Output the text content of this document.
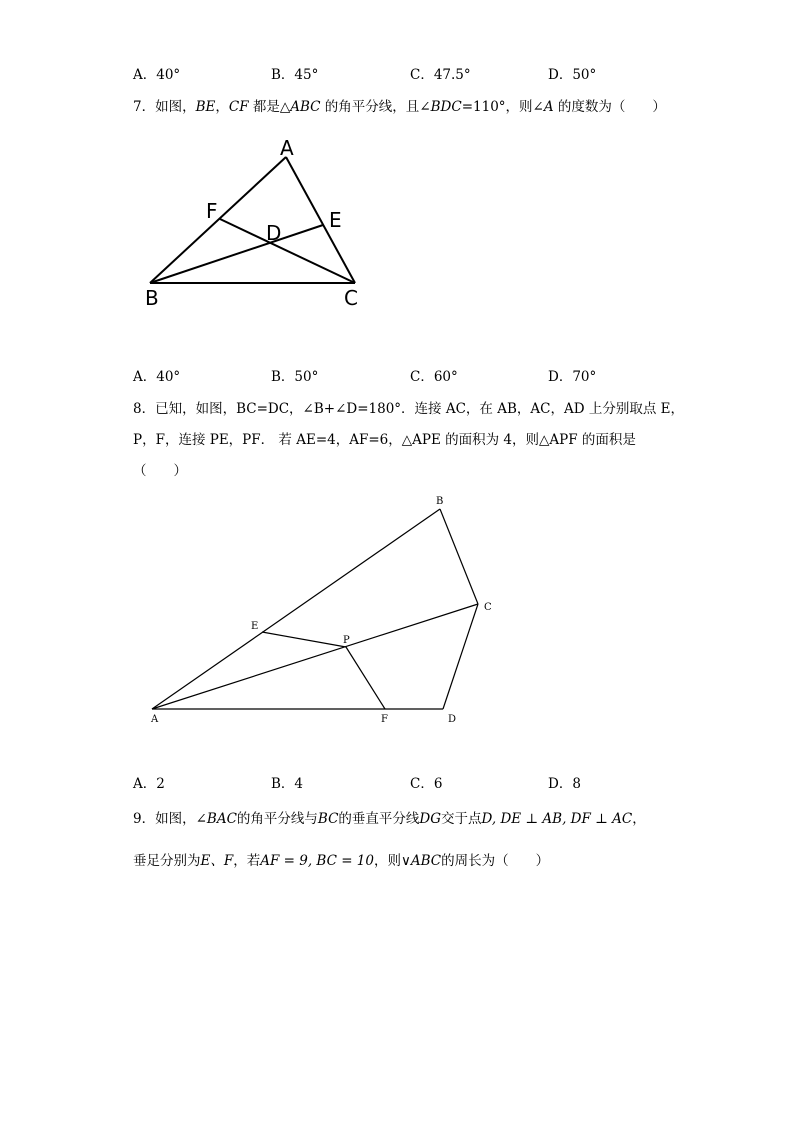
A．40°	B．45°	C．47.5°	D．50°
7．如图，BE，CF 都是△ABC 的角平分线，且∠BDC=110°，则∠A 的度数为（　　）
A
F
D
E
B	C
A．40°	B．50°	C．60°	D．70°
8．已知，如图，BC=DC，∠B+∠D=180°．连接 AC，在 AB，AC，AD 上分别取点 E，
P，F，连接 PE，PF． 若 AE=4，AF=6，△APE 的面积为 4，则△APF 的面积是
（　　）
B
C
E
P
A	F	D
A．2	B．4	C．6	D．8
9．如图，∠BAC的角平分线与BC的垂直平分线DG交于点D, DE ⊥ AB, DF ⊥ AC，
垂足分别为E、F，若AF = 9, BC = 10，则∨ABC的周长为（　　）
